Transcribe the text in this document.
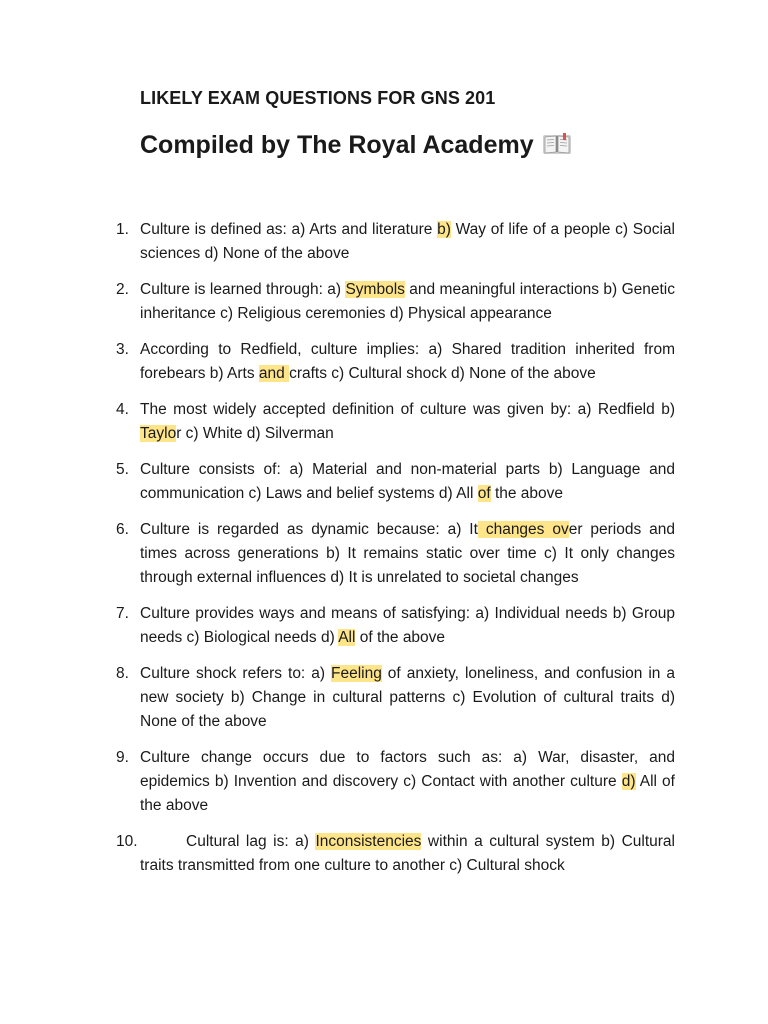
LIKELY EXAM QUESTIONS FOR GNS 201
Compiled by The Royal Academy
1. Culture is defined as: a) Arts and literature b) Way of life of a people c) Social sciences d) None of the above
2. Culture is learned through: a) Symbols and meaningful interactions b) Genetic inheritance c) Religious ceremonies d) Physical appearance
3. According to Redfield, culture implies: a) Shared tradition inherited from forebears b) Arts and crafts c) Cultural shock d) None of the above
4. The most widely accepted definition of culture was given by: a) Redfield b) Taylor c) White d) Silverman
5. Culture consists of: a) Material and non-material parts b) Language and communication c) Laws and belief systems d) All of the above
6. Culture is regarded as dynamic because: a) It changes over periods and times across generations b) It remains static over time c) It only changes through external influences d) It is unrelated to societal changes
7. Culture provides ways and means of satisfying: a) Individual needs b) Group needs c) Biological needs d) All of the above
8. Culture shock refers to: a) Feeling of anxiety, loneliness, and confusion in a new society b) Change in cultural patterns c) Evolution of cultural traits d) None of the above
9. Culture change occurs due to factors such as: a) War, disaster, and epidemics b) Invention and discovery c) Contact with another culture d) All of the above
10.	Cultural lag is: a) Inconsistencies within a cultural system b) Cultural traits transmitted from one culture to another c) Cultural shock
